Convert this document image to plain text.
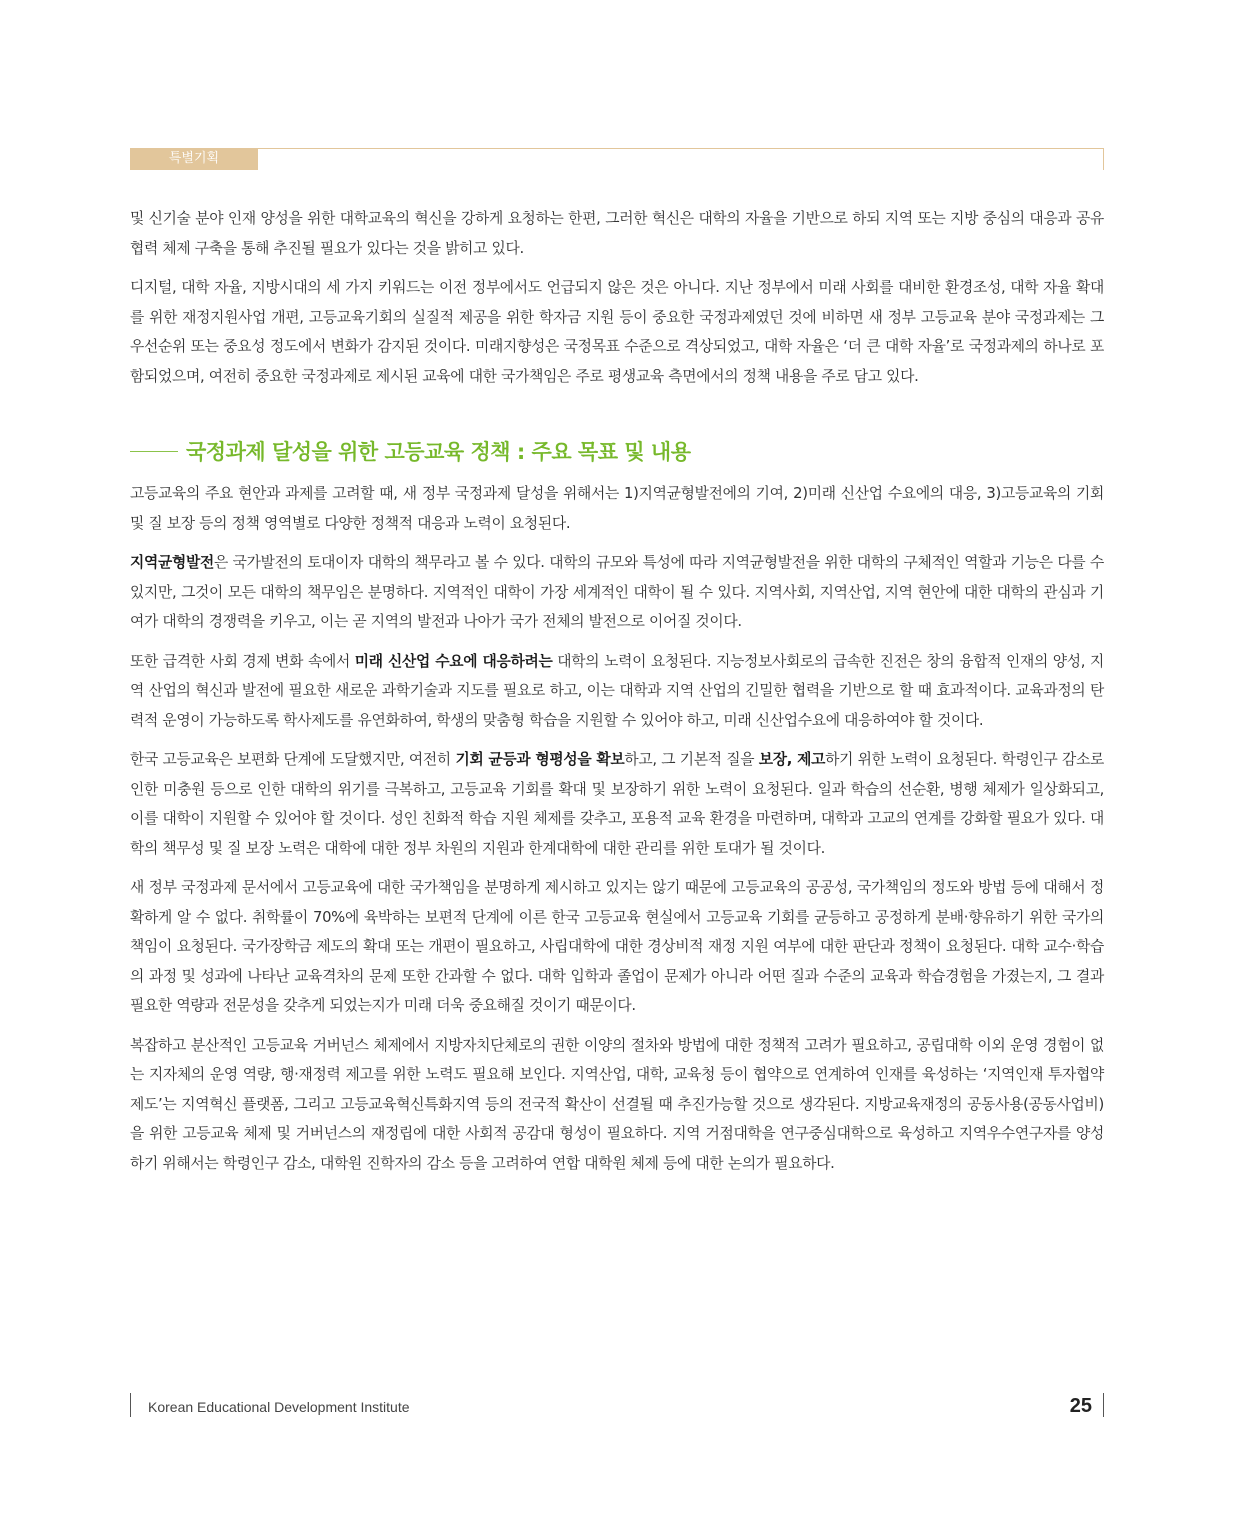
특별기획

및 신기술 분야 인재 양성을 위한 대학교육의 혁신을 강하게 요청하는 한편, 그러한 혁신은 대학의 자율을 기반으로 하되 지역 또는 지방 중심의 대응과 공유협력 체제 구축을 통해 추진될 필요가 있다는 것을 밝히고 있다.

디지털, 대학 자율, 지방시대의 세 가지 키워드는 이전 정부에서도 언급되지 않은 것은 아니다. 지난 정부에서 미래 사회를 대비한 환경조성, 대학 자율 확대를 위한 재정지원사업 개편, 고등교육기회의 실질적 제공을 위한 학자금 지원 등이 중요한 국정과제였던 것에 비하면 새 정부 고등교육 분야 국정과제는 그 우선순위 또는 중요성 정도에서 변화가 감지된 것이다. 미래지향성은 국정목표 수준으로 격상되었고, 대학 자율은 ‘더 큰 대학 자율’로 국정과제의 하나로 포함되었으며, 여전히 중요한 국정과제로 제시된 교육에 대한 국가책임은 주로 평생교육 측면에서의 정책 내용을 주로 담고 있다.

국정과제 달성을 위한 고등교육 정책 : 주요 목표 및 내용

고등교육의 주요 현안과 과제를 고려할 때, 새 정부 국정과제 달성을 위해서는 1)지역균형발전에의 기여, 2)미래 신산업 수요에의 대응, 3)고등교육의 기회 및 질 보장 등의 정책 영역별로 다양한 정책적 대응과 노력이 요청된다.

지역균형발전은 국가발전의 토대이자 대학의 책무라고 볼 수 있다. 대학의 규모와 특성에 따라 지역균형발전을 위한 대학의 구체적인 역할과 기능은 다를 수 있지만, 그것이 모든 대학의 책무임은 분명하다. 지역적인 대학이 가장 세계적인 대학이 될 수 있다. 지역사회, 지역산업, 지역 현안에 대한 대학의 관심과 기여가 대학의 경쟁력을 키우고, 이는 곧 지역의 발전과 나아가 국가 전체의 발전으로 이어질 것이다.

또한 급격한 사회 경제 변화 속에서 미래 신산업 수요에 대응하려는 대학의 노력이 요청된다. 지능정보사회로의 급속한 진전은 창의 융합적 인재의 양성, 지역 산업의 혁신과 발전에 필요한 새로운 과학기술과 지도를 필요로 하고, 이는 대학과 지역 산업의 긴밀한 협력을 기반으로 할 때 효과적이다. 교육과정의 탄력적 운영이 가능하도록 학사제도를 유연화하여, 학생의 맞춤형 학습을 지원할 수 있어야 하고, 미래 신산업수요에 대응하여야 할 것이다.

한국 고등교육은 보편화 단계에 도달했지만, 여전히 기회 균등과 형평성을 확보하고, 그 기본적 질을 보장, 제고하기 위한 노력이 요청된다. 학령인구 감소로 인한 미충원 등으로 인한 대학의 위기를 극복하고, 고등교육 기회를 확대 및 보장하기 위한 노력이 요청된다. 일과 학습의 선순환, 병행 체제가 일상화되고, 이를 대학이 지원할 수 있어야 할 것이다. 성인 친화적 학습 지원 체제를 갖추고, 포용적 교육 환경을 마련하며, 대학과 고교의 연계를 강화할 필요가 있다. 대학의 책무성 및 질 보장 노력은 대학에 대한 정부 차원의 지원과 한계대학에 대한 관리를 위한 토대가 될 것이다.

새 정부 국정과제 문서에서 고등교육에 대한 국가책임을 분명하게 제시하고 있지는 않기 때문에 고등교육의 공공성, 국가책임의 정도와 방법 등에 대해서 정확하게 알 수 없다. 취학률이 70%에 육박하는 보편적 단계에 이른 한국 고등교육 현실에서 고등교육 기회를 균등하고 공정하게 분배·향유하기 위한 국가의 책임이 요청된다. 국가장학금 제도의 확대 또는 개편이 필요하고, 사립대학에 대한 경상비적 재정 지원 여부에 대한 판단과 정책이 요청된다. 대학 교수·학습의 과정 및 성과에 나타난 교육격차의 문제 또한 간과할 수 없다. 대학 입학과 졸업이 문제가 아니라 어떤 질과 수준의 교육과 학습경험을 가졌는지, 그 결과 필요한 역량과 전문성을 갖추게 되었는지가 미래 더욱 중요해질 것이기 때문이다.

복잡하고 분산적인 고등교육 거버넌스 체제에서 지방자치단체로의 권한 이양의 절차와 방법에 대한 정책적 고려가 필요하고, 공립대학 이외 운영 경험이 없는 지자체의 운영 역량, 행·재정력 제고를 위한 노력도 필요해 보인다. 지역산업, 대학, 교육청 등이 협약으로 연계하여 인재를 육성하는 ‘지역인재 투자협약제도’는 지역혁신 플랫폼, 그리고 고등교육혁신특화지역 등의 전국적 확산이 선결될 때 추진가능할 것으로 생각된다. 지방교육재정의 공동사용(공동사업비)을 위한 고등교육 체제 및 거버넌스의 재정립에 대한 사회적 공감대 형성이 필요하다. 지역 거점대학을 연구중심대학으로 육성하고 지역우수연구자를 양성하기 위해서는 학령인구 감소, 대학원 진학자의 감소 등을 고려하여 연합 대학원 체제 등에 대한 논의가 필요하다.

Korean Educational Development Institute	25
